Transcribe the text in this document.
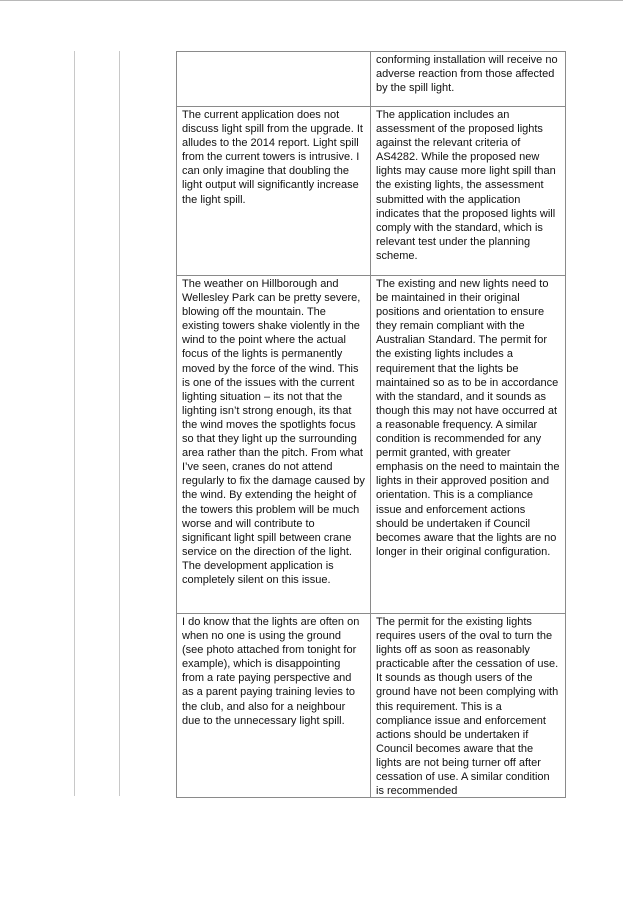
conforming installation will receive no adverse reaction from those affected by the spill light.
The current application does not discuss light spill from the upgrade. It alludes to the 2014 report. Light spill from the current towers is intrusive. I can only imagine that doubling the light output will significantly increase the light spill.
The application includes an assessment of the proposed lights against the relevant criteria of AS4282. While the proposed new lights may cause more light spill than the existing lights, the assessment submitted with the application indicates that the proposed lights will comply with the standard, which is relevant test under the planning scheme.
The weather on Hillborough and Wellesley Park can be pretty severe, blowing off the mountain. The existing towers shake violently in the wind to the point where the actual focus of the lights is permanently moved by the force of the wind. This is one of the issues with the current lighting situation – its not that the lighting isn’t strong enough, its that the wind moves the spotlights focus so that they light up the surrounding area rather than the pitch. From what I’ve seen, cranes do not attend regularly to fix the damage caused by the wind. By extending the height of the towers this problem will be much worse and will contribute to significant light spill between crane service on the direction of the light. The development application is completely silent on this issue.
The existing and new lights need to be maintained in their original positions and orientation to ensure they remain compliant with the Australian Standard. The permit for the existing lights includes a requirement that the lights be maintained so as to be in accordance with the standard, and it sounds as though this may not have occurred at a reasonable frequency. A similar condition is recommended for any permit granted, with greater emphasis on the need to maintain the lights in their approved position and orientation. This is a compliance issue and enforcement actions should be undertaken if Council becomes aware that the lights are no longer in their original configuration.
I do know that the lights are often on when no one is using the ground (see photo attached from tonight for example), which is disappointing from a rate paying perspective and as a parent paying training levies to the club, and also for a neighbour due to the unnecessary light spill.
The permit for the existing lights requires users of the oval to turn the lights off as soon as reasonably practicable after the cessation of use. It sounds as though users of the ground have not been complying with this requirement. This is a compliance issue and enforcement actions should be undertaken if Council becomes aware that the lights are not being turner off after cessation of use. A similar condition is recommended
